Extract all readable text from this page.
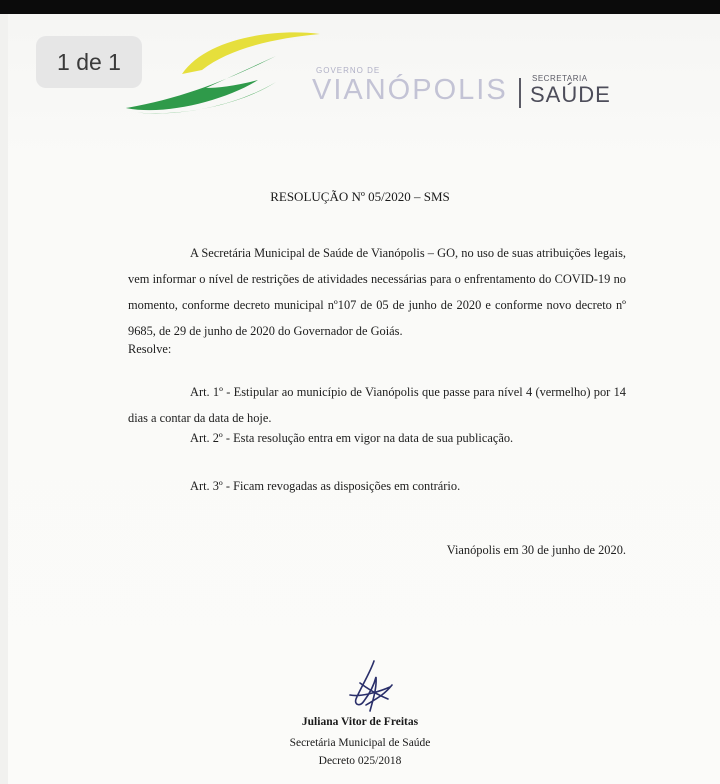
1 de 1	GOVERNO DE
VIANÓPOLIS	SECRETARIA
SAÚDE
RESOLUÇÃO Nº 05/2020 – SMS

A Secretária Municipal de Saúde de Vianópolis – GO, no uso de suas atribuições legais, vem informar o nível de restrições de atividades necessárias para o enfrentamento do COVID-19 no momento, conforme decreto municipal nº107 de 05 de junho de 2020 e conforme novo decreto nº 9685, de 29 de junho de 2020 do Governador de Goiás.

Resolve:

Art. 1º - Estipular ao município de Vianópolis que passe para nível 4 (vermelho) por 14 dias a contar da data de hoje.

Art. 2º - Esta resolução entra em vigor na data de sua publicação.
Art. 3º - Ficam revogadas as disposições em contrário.
Vianópolis em 30 de junho de 2020.
Juliana Vitor de Freitas
Secretária Municipal de Saúde
Decreto 025/2018
